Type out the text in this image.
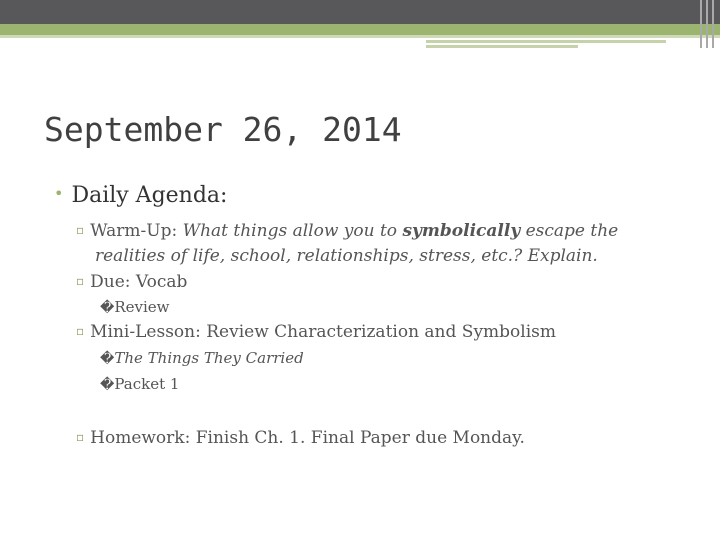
September 26, 2014
• Daily Agenda:
▫ Warm-Up: What things allow you to symbolically escape the
realities of life, school, relationships, stress, etc.? Explain.
▫ Due: Vocab
�Review
▫ Mini-Lesson: Review Characterization and Symbolism
�The Things They Carried
�Packet 1
▫ Homework: Finish Ch. 1. Final Paper due Monday.
